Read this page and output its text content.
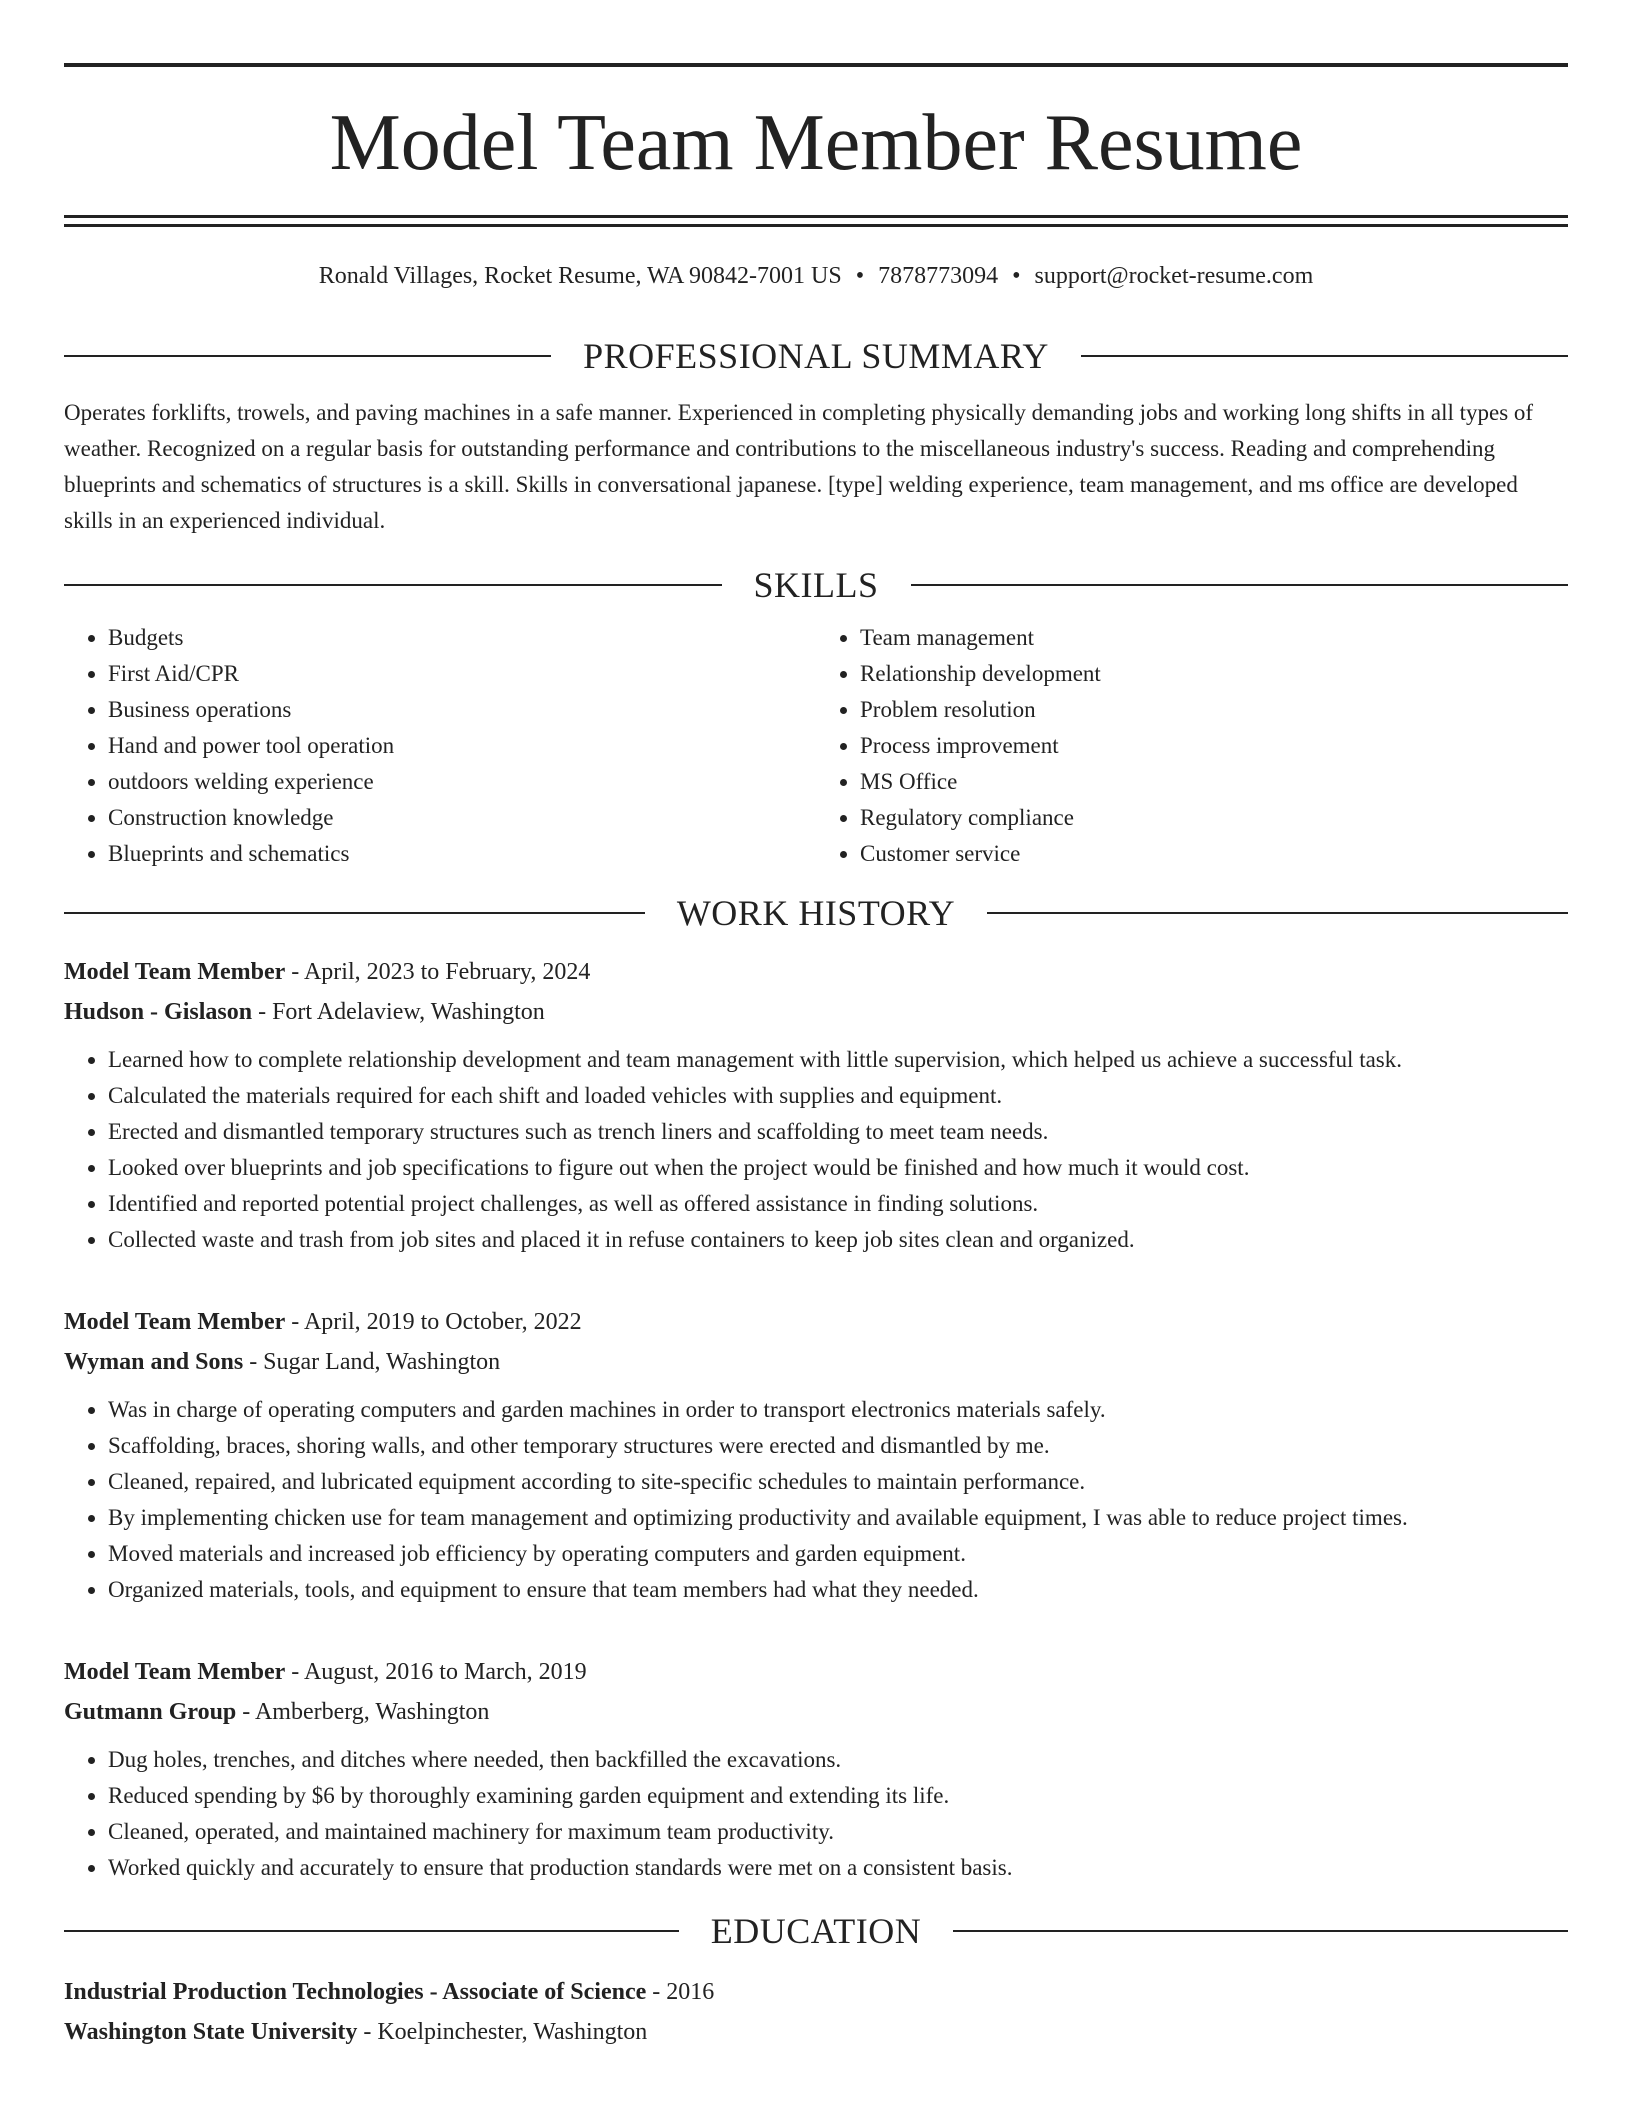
Model Team Member Resume
Ronald Villages, Rocket Resume, WA 90842-7001 US • 7878773094 • support@rocket-resume.com
PROFESSIONAL SUMMARY

Operates forklifts, trowels, and paving machines in a safe manner. Experienced in completing physically demanding jobs and working long shifts in all types of weather. Recognized on a regular basis for outstanding performance and contributions to the miscellaneous industry's success. Reading and comprehending blueprints and schematics of structures is a skill. Skills in conversational japanese. [type] welding experience, team management, and ms office are developed skills in an experienced individual.

SKILLS
• Budgets
• First Aid/CPR
• Business operations
• Hand and power tool operation
• outdoors welding experience
• Construction knowledge
• Blueprints and schematics
• Team management
• Relationship development
• Problem resolution
• Process improvement
• MS Office
• Regulatory compliance
• Customer service
WORK HISTORY
Model Team Member - April, 2023 to February, 2024
Hudson - Gislason - Fort Adelaview, Washington
• Learned how to complete relationship development and team management with little supervision, which helped us achieve a successful task.
• Calculated the materials required for each shift and loaded vehicles with supplies and equipment.
• Erected and dismantled temporary structures such as trench liners and scaffolding to meet team needs.
• Looked over blueprints and job specifications to figure out when the project would be finished and how much it would cost.
• Identified and reported potential project challenges, as well as offered assistance in finding solutions.
• Collected waste and trash from job sites and placed it in refuse containers to keep job sites clean and organized.
Model Team Member - April, 2019 to October, 2022
Wyman and Sons - Sugar Land, Washington
• Was in charge of operating computers and garden machines in order to transport electronics materials safely.
• Scaffolding, braces, shoring walls, and other temporary structures were erected and dismantled by me.
• Cleaned, repaired, and lubricated equipment according to site-specific schedules to maintain performance.
• By implementing chicken use for team management and optimizing productivity and available equipment, I was able to reduce project times.
• Moved materials and increased job efficiency by operating computers and garden equipment.
• Organized materials, tools, and equipment to ensure that team members had what they needed.
Model Team Member - August, 2016 to March, 2019
Gutmann Group - Amberberg, Washington
• Dug holes, trenches, and ditches where needed, then backfilled the excavations.
• Reduced spending by $6 by thoroughly examining garden equipment and extending its life.
• Cleaned, operated, and maintained machinery for maximum team productivity.
• Worked quickly and accurately to ensure that production standards were met on a consistent basis.
EDUCATION
Industrial Production Technologies - Associate of Science - 2016
Washington State University - Koelpinchester, Washington
